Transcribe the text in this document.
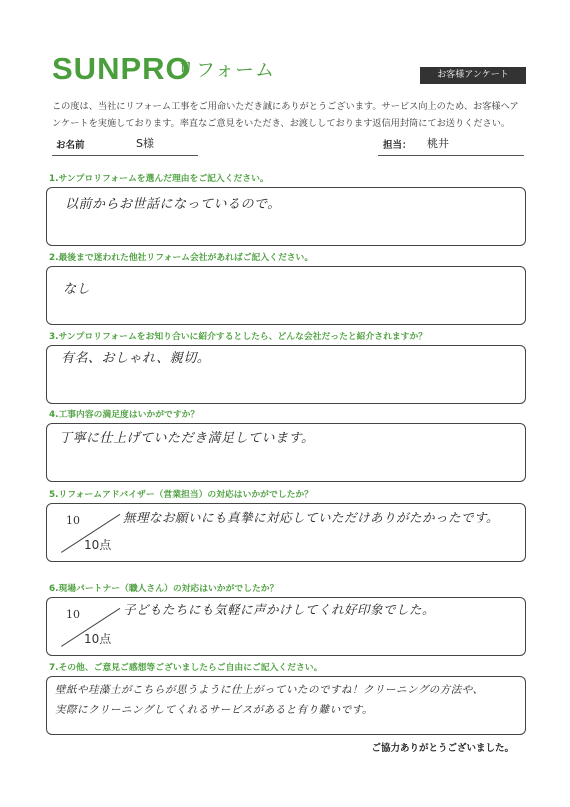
SUNPRO
リフォーム	お客様アンケート
この度は、当社にリフォーム工事をご用命いただき誠にありがとうございます。サービス向上のため、お客様へアンケートを実施しております。率直なご意見をいただき、お渡ししております返信用封筒にてお送りください。
お名前	S様	担当： 桃井
1.サンプロリフォームを選んだ理由をご記入ください。
以前からお世話になっているので。
2.最後まで迷われた他社リフォーム会社があればご記入ください。
なし
3.サンプロリフォームをお知り合いに紹介するとしたら、どんな会社だったと紹介されますか？
有名、おしゃれ、親切。
4.工事内容の満足度はいかがですか？
丁寧に仕上げていただき満足しています。
5.リフォームアドバイザー（営業担当）の対応はいかがでしたか？
10
10点
無理なお願いにも真摯に対応していただけありがたかったです。
6.現場パートナー（職人さん）の対応はいかがでしたか？
10
10点
子どもたちにも気軽に声かけしてくれ好印象でした。
7.その他、ご意見ご感想等ございましたらご自由にご記入ください。
壁紙や珪藻土がこちらが思うように仕上がっていたのですね！クリーニングの方法や、
実際にクリーニングしてくれるサービスがあると有り難いです。
ご協力ありがとうございました。
